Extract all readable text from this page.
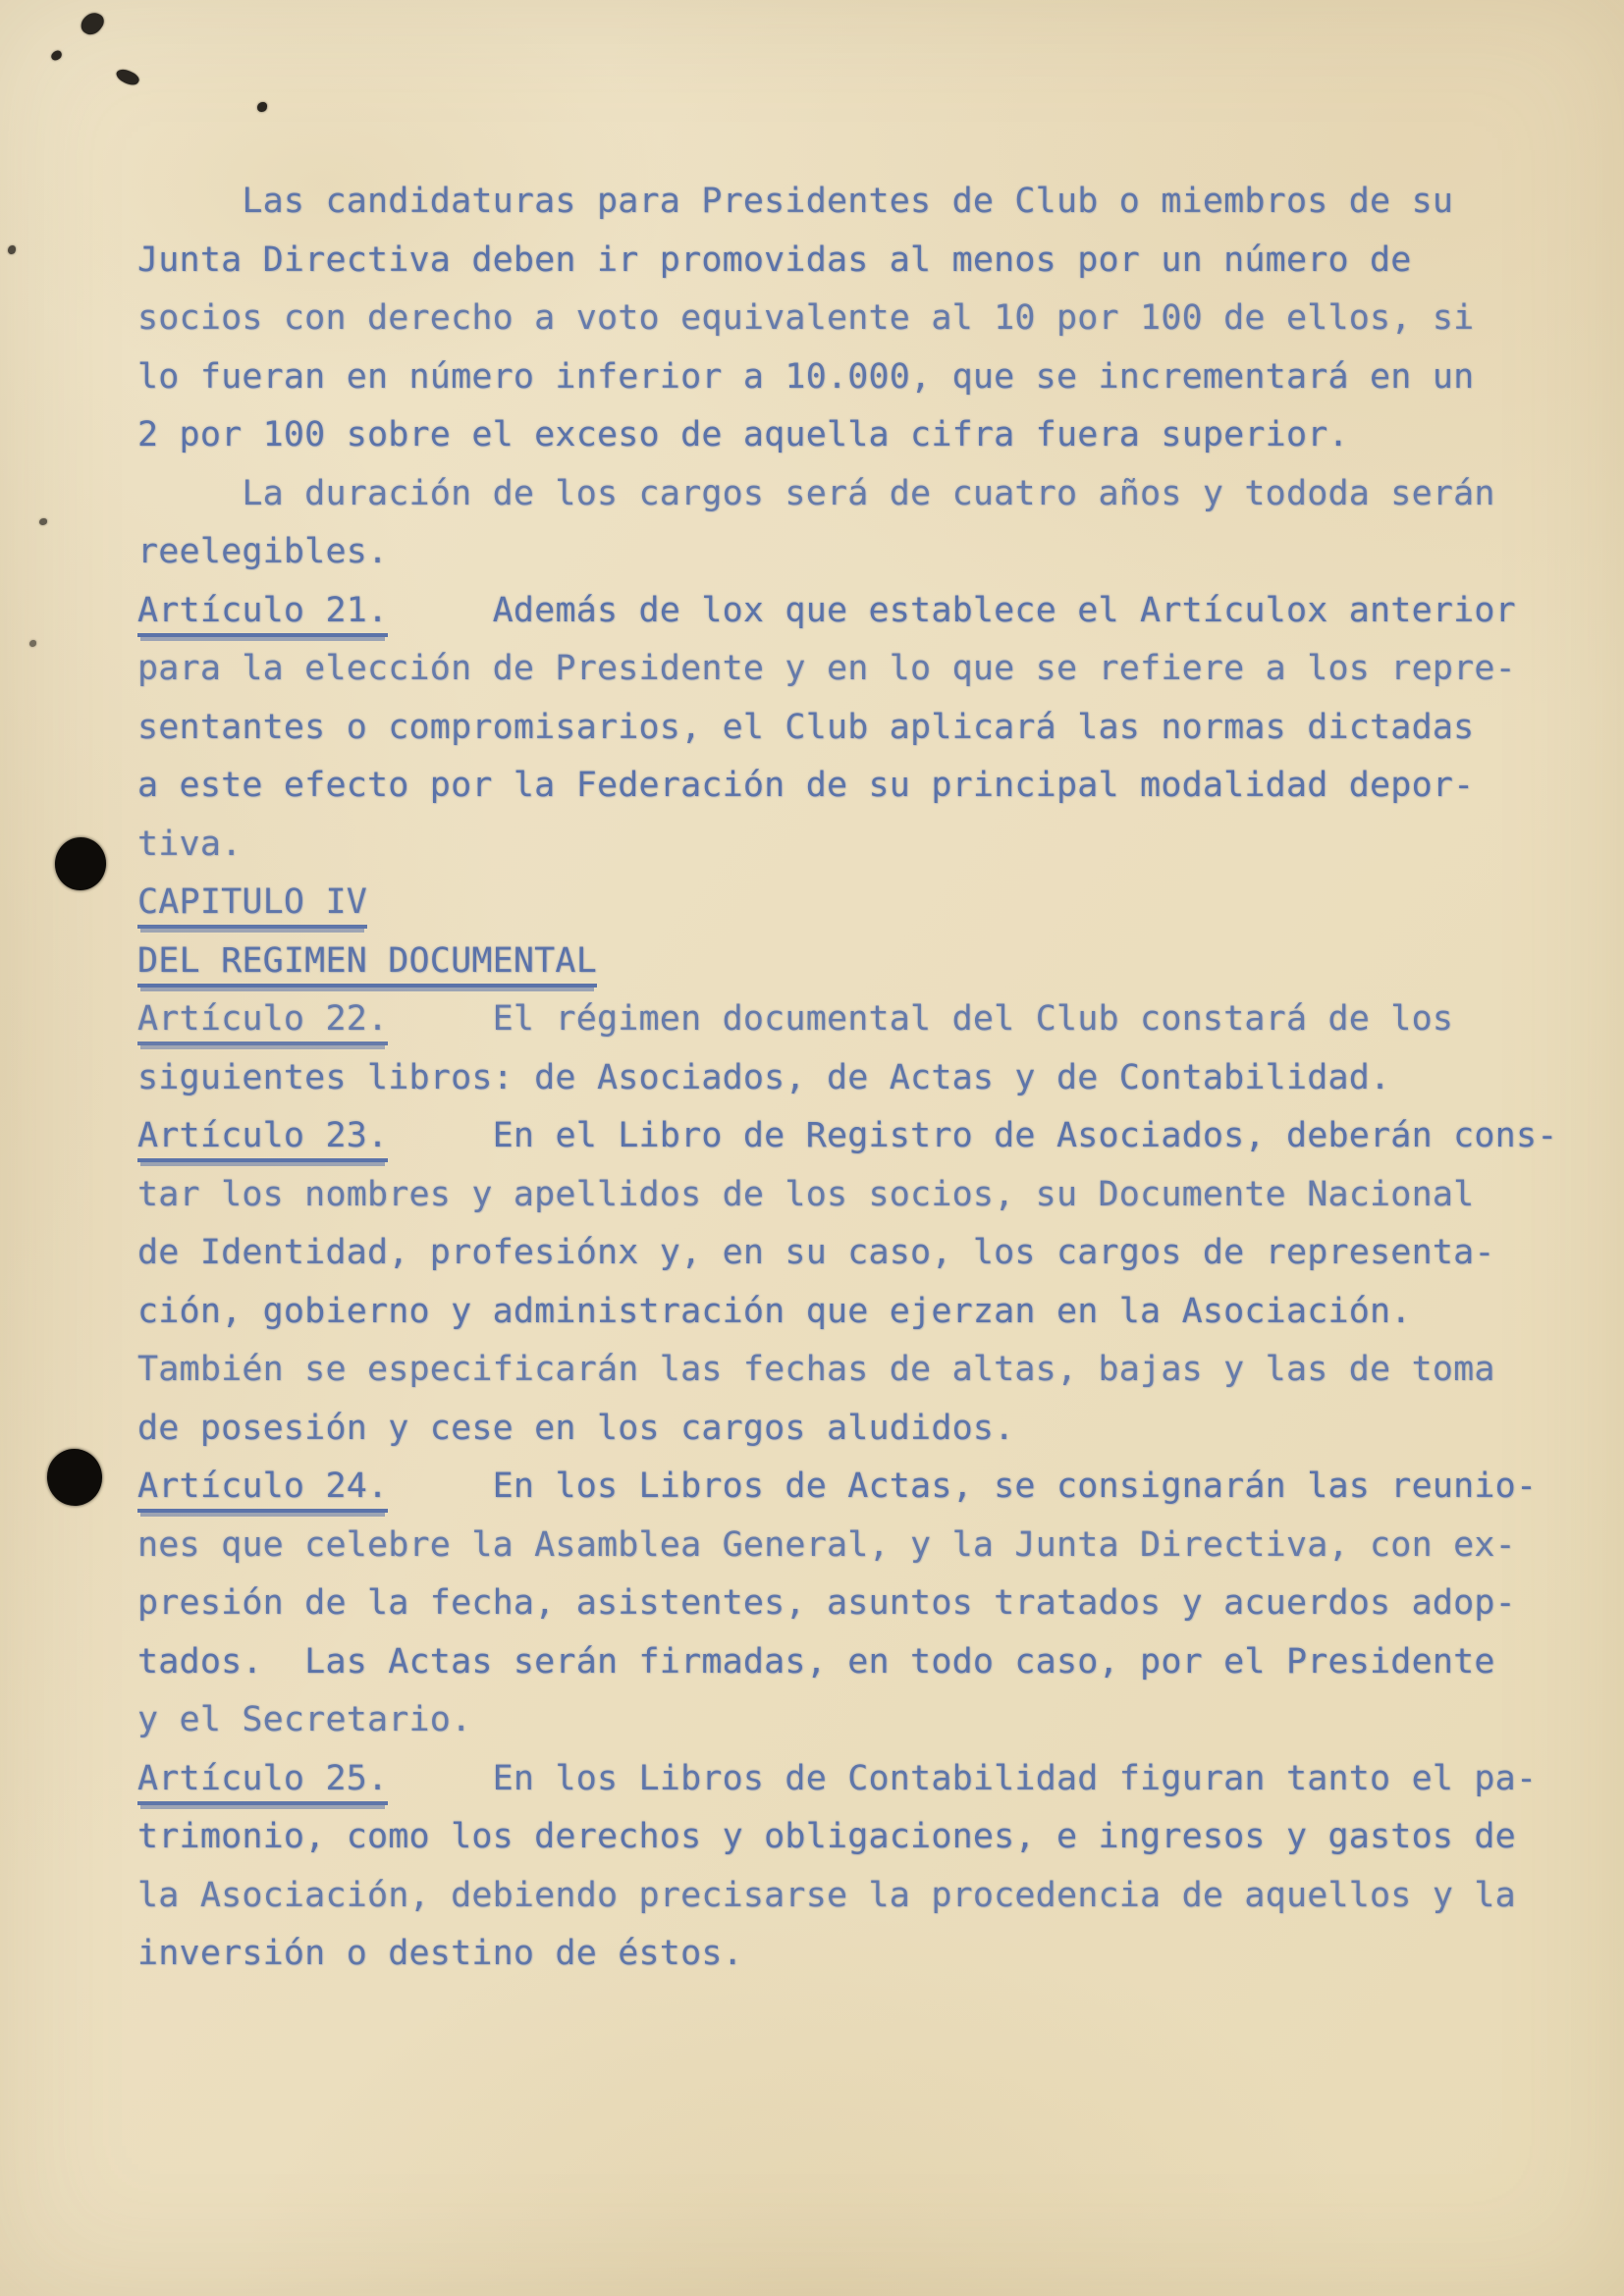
Las candidaturas para Presidentes de Club o miembros de su
Junta Directiva deben ir promovidas al menos por un número de
socios con derecho a voto equivalente al 10 por 100 de ellos, si
lo fueran en número inferior a 10.000, que se incrementará en un
2 por 100 sobre el exceso de aquella cifra fuera superior.
La duración de los cargos será de cuatro años y tododa serán
reelegibles.
Artículo 21.     Además de lox que establece el Artículox anterior
para la elección de Presidente y en lo que se refiere a los repre-
sentantes o compromisarios, el Club aplicará las normas dictadas
a este efecto por la Federación de su principal modalidad depor-
tiva.
CAPITULO IV
DEL REGIMEN DOCUMENTAL
Artículo 22.     El régimen documental del Club constará de los
siguientes libros: de Asociados, de Actas y de Contabilidad.
Artículo 23.     En el Libro de Registro de Asociados, deberán cons-
tar los nombres y apellidos de los socios, su Documente Nacional
de Identidad, profesiónx y, en su caso, los cargos de representa-
ción, gobierno y administración que ejerzan en la Asociación.
También se especificarán las fechas de altas, bajas y las de toma
de posesión y cese en los cargos aludidos.
Artículo 24.     En los Libros de Actas, se consignarán las reunio-
nes que celebre la Asamblea General, y la Junta Directiva, con ex-
presión de la fecha, asistentes, asuntos tratados y acuerdos adop-
tados.  Las Actas serán firmadas, en todo caso, por el Presidente
y el Secretario.
Artículo 25.     En los Libros de Contabilidad figuran tanto el pa-
trimonio, como los derechos y obligaciones, e ingresos y gastos de
la Asociación, debiendo precisarse la procedencia de aquellos y la
inversión o destino de éstos.
